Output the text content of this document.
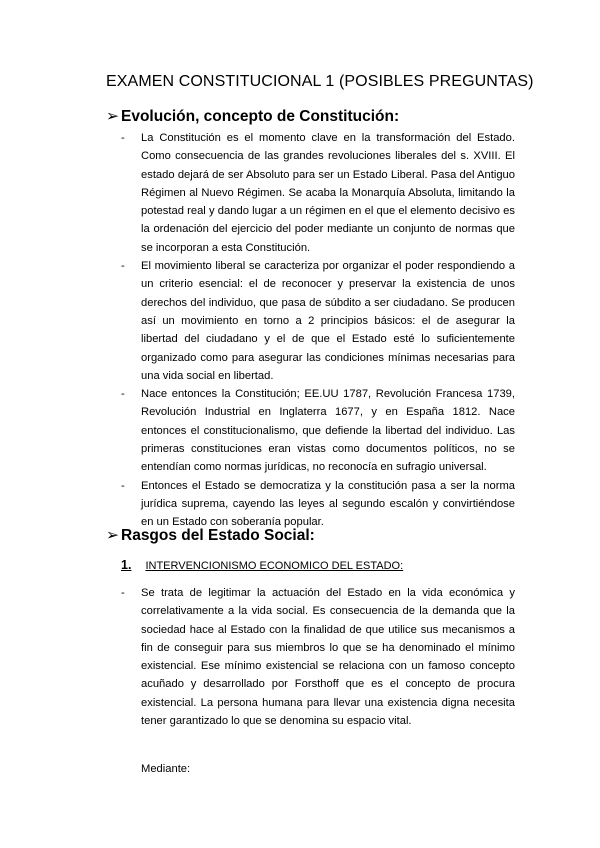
EXAMEN CONSTITUCIONAL 1 (POSIBLES PREGUNTAS)
➢ Evolución, concepto de Constitución:
- La Constitución es el momento clave en la transformación del Estado. Como consecuencia de las grandes revoluciones liberales del s. XVIII. El estado dejará de ser Absoluto para ser un Estado Liberal. Pasa del Antiguo Régimen al Nuevo Régimen. Se acaba la Monarquía Absoluta, limitando la potestad real y dando lugar a un régimen en el que el elemento decisivo es la ordenación del ejercicio del poder mediante un conjunto de normas que se incorporan a esta Constitución.
- El movimiento liberal se caracteriza por organizar el poder respondiendo a un criterio esencial: el de reconocer y preservar la existencia de unos derechos del individuo, que pasa de súbdito a ser ciudadano. Se producen así un movimiento en torno a 2 principios básicos: el de asegurar la libertad del ciudadano y el de que el Estado esté lo suficientemente organizado como para asegurar las condiciones mínimas necesarias para una vida social en libertad.
- Nace entonces la Constitución; EE.UU 1787, Revolución Francesa 1739, Revolución Industrial en Inglaterra 1677, y en España 1812. Nace entonces el constitucionalismo, que defiende la libertad del individuo. Las primeras constituciones eran vistas como documentos políticos, no se entendían como normas jurídicas, no reconocía en sufragio universal.
- Entonces el Estado se democratiza y la constitución pasa a ser la norma jurídica suprema, cayendo las leyes al segundo escalón y convirtiéndose en un Estado con soberanía popular.
➢ Rasgos del Estado Social:
1. INTERVENCIONISMO ECONOMICO DEL ESTADO:
- Se trata de legitimar la actuación del Estado en la vida económica y correlativamente a la vida social. Es consecuencia de la demanda que la sociedad hace al Estado con la finalidad de que utilice sus mecanismos a fin de conseguir para sus miembros lo que se ha denominado el mínimo existencial. Ese mínimo existencial se relaciona con un famoso concepto acuñado y desarrollado por Forsthoff que es el concepto de procura existencial. La persona humana para llevar una existencia digna necesita tener garantizado lo que se denomina su espacio vital.
Mediante:
